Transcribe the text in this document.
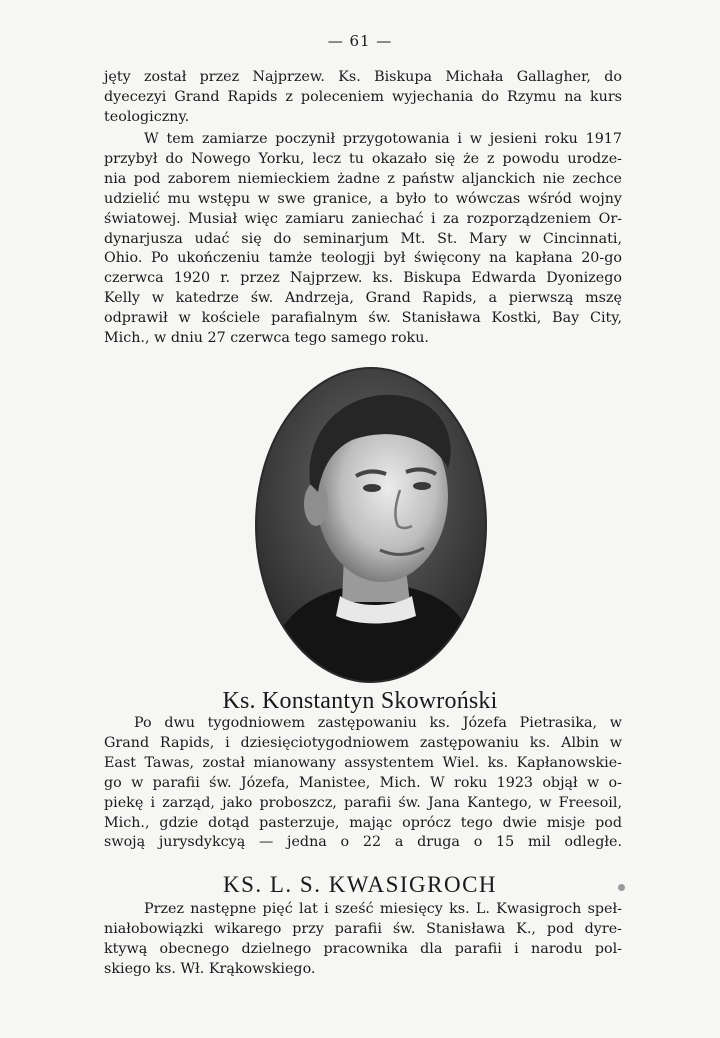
— 61 —

jęty został przez Najprzew. Ks. Biskupa Michała Gallagher, do
dyecezyi Grand Rapids z poleceniem wyjechania do Rzymu na kurs
teologiczny.

W tem zamiarze poczynił przygotowania i w jesieni roku 1917
przybył do Nowego Yorku, lecz tu okazało się że z powodu urodze-
nia pod zaborem niemieckiem żadne z państw aljanckich nie zechce
udzielić mu wstępu w swe granice, a było to wówczas wśród wojny
światowej. Musiał więc zamiaru zaniechać i za rozporządzeniem Or-
dynarjusza udać się do seminarjum Mt. St. Mary w Cincinnati,
Ohio. Po ukończeniu tamże teologji był święcony na kapłana 20-go
czerwca 1920 r. przez Najprzew. ks. Biskupa Edwarda Dyonizego
Kelly w katedrze św. Andrzeja, Grand Rapids, a pierwszą mszę
odprawił w kościele parafialnym św. Stanisława Kostki, Bay City,
Mich., w dniu 27 czerwca tego samego roku.

Ks. Konstantyn Skowroński

Po dwu tygodniowem zastępowaniu ks. Józefa Pietrasika, w
Grand Rapids, i dziesięciotygodniowem zastępowaniu ks. Albin w
East Tawas, został mianowany assystentem Wiel. ks. Kapłanowskie-
go w parafii św. Józefa, Manistee, Mich. W roku 1923 objął w o-
piekę i zarząd, jako proboszcz, parafii św. Jana Kantego, w Freesoil,
Mich., gdzie dotąd pasterzuje, mając oprócz tego dwie misje pod
swoją jurysdykcyą — jedna o 22 a druga o 15 mil odległe.

KS. L. S. KWASIGROCH

Przez następne pięć lat i sześć miesięcy ks. L. Kwasigroch speł-
niałobowiązki wikarego przy parafii św. Stanisława K., pod dyre-
ktywą obecnego dzielnego pracownika dla parafii i narodu pol-
skiego ks. Wł. Krąkowskiego.
